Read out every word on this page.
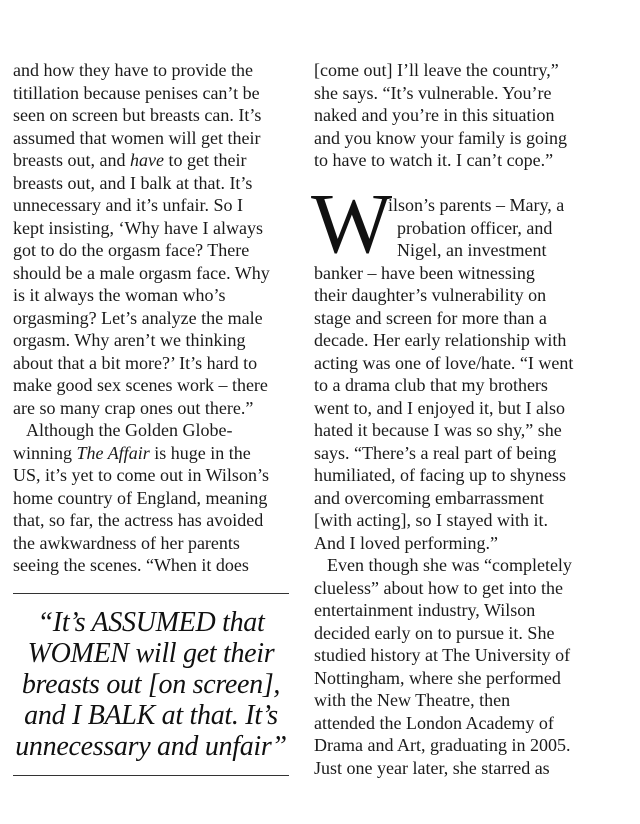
and how they have to provide the
titillation because penises can’t be
seen on screen but breasts can. It’s
assumed that women will get their
breasts out, and have to get their
breasts out, and I balk at that. It’s
unnecessary and it’s unfair. So I
kept insisting, ‘Why have I always
got to do the orgasm face? There
should be a male orgasm face. Why
is it always the woman who’s
orgasming? Let’s analyze the male
orgasm. Why aren’t we thinking
about that a bit more?’ It’s hard to
make good sex scenes work – there
are so many crap ones out there.”
Although the Golden Globe-
winning The Affair is huge in the
US, it’s yet to come out in Wilson’s
home country of England, meaning
that, so far, the actress has avoided
the awkwardness of her parents
seeing the scenes. “When it does
“It’s ASSUMED that
WOMEN will get their
breasts out [on screen],
and I BALK at that. It’s
unnecessary and unfair”
W
[come out] I’ll leave the country,”
she says. “It’s vulnerable. You’re
naked and you’re in this situation
and you know your family is going
to have to watch it. I can’t cope.”
ilson’s parents – Mary, a
probation officer, and
Nigel, an investment
banker – have been witnessing
their daughter’s vulnerability on
stage and screen for more than a
decade. Her early relationship with
acting was one of love/hate. “I went
to a drama club that my brothers
went to, and I enjoyed it, but I also
hated it because I was so shy,” she
says. “There’s a real part of being
humiliated, of facing up to shyness
and overcoming embarrassment
[with acting], so I stayed with it.
And I loved performing.”
Even though she was “completely
clueless” about how to get into the
entertainment industry, Wilson
decided early on to pursue it. She
studied history at The University of
Nottingham, where she performed
with the New Theatre, then
attended the London Academy of
Drama and Art, graduating in 2005.
Just one year later, she starred as
